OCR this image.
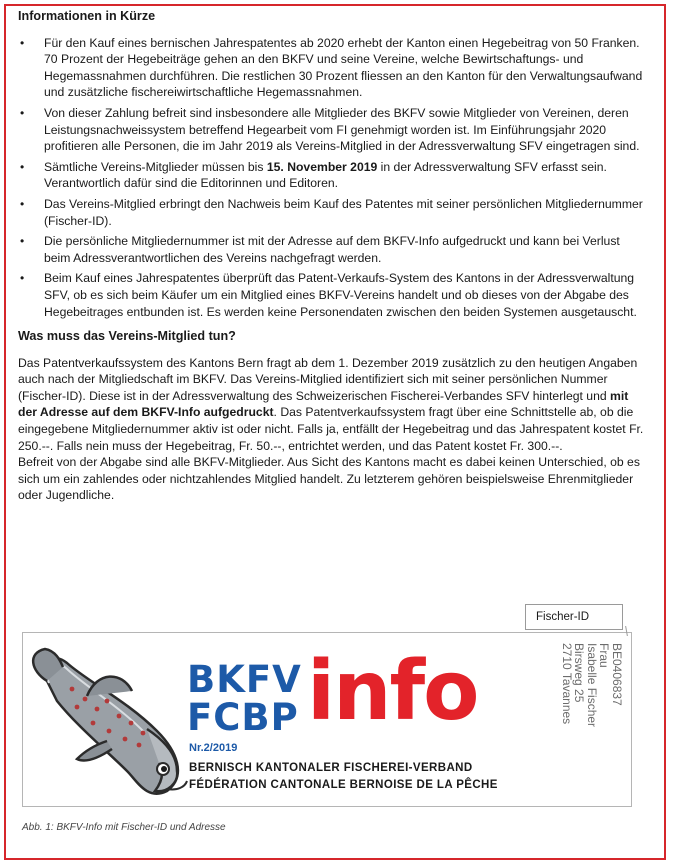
Informationen in Kürze
• Für den Kauf eines bernischen Jahrespatentes ab 2020 erhebt der Kanton einen Hegebeitrag von 50 Franken. 70 Prozent der Hegebeiträge gehen an den BKFV und seine Vereine, welche Bewirtschaftungs- und Hegemassnahmen durchführen. Die restlichen 30 Prozent fliessen an den Kanton für den Verwaltungsaufwand und zusätzliche fischereiwirtschaftliche Hegemassnahmen.
• Von dieser Zahlung befreit sind insbesondere alle Mitglieder des BKFV sowie Mitglieder von Vereinen, deren Leistungsnachweissystem betreffend Hegearbeit vom FI genehmigt worden ist. Im Einführungsjahr 2020 profitieren alle Personen, die im Jahr 2019 als Vereins-Mitglied in der Adressverwaltung SFV eingetragen sind.
• Sämtliche Vereins-Mitglieder müssen bis 15. November 2019 in der Adressverwaltung SFV erfasst sein. Verantwortlich dafür sind die Editorinnen und Editoren.
• Das Vereins-Mitglied erbringt den Nachweis beim Kauf des Patentes mit seiner persönlichen Mitgliedernummer (Fischer-ID).
• Die persönliche Mitgliedernummer ist mit der Adresse auf dem BKFV-Info aufgedruckt und kann bei Verlust beim Adressverantwortlichen des Vereins nachgefragt werden.
• Beim Kauf eines Jahrespatentes überprüft das Patent-Verkaufs-System des Kantons in der Adressverwaltung SFV, ob es sich beim Käufer um ein Mitglied eines BKFV-Vereins handelt und ob dieses von der Abgabe des Hegebeitrages entbunden ist. Es werden keine Personendaten zwischen den beiden Systemen ausgetauscht.
Was muss das Vereins-Mitglied tun?

Das Patentverkaufssystem des Kantons Bern fragt ab dem 1. Dezember 2019 zusätzlich zu den heutigen Angaben auch nach der Mitgliedschaft im BKFV. Das Vereins-Mitglied identifiziert sich mit seiner persönlichen Nummer (Fischer-ID). Diese ist in der Adressverwaltung des Schweizerischen Fischerei-Verbandes SFV hinterlegt und mit der Adresse auf dem BKFV-Info aufgedruckt. Das Patentverkaufssystem fragt über eine Schnittstelle ab, ob die eingegebene Mitgliedernummer aktiv ist oder nicht. Falls ja, entfällt der Hegebeitrag und das Jahrespatent kostet Fr. 250.--. Falls nein muss der Hegebeitrag, Fr. 50.--, entrichtet werden, und das Patent kostet Fr. 300.--.
Befreit von der Abgabe sind alle BKFV-Mitglieder. Aus Sicht des Kantons macht es dabei keinen Unterschied, ob es sich um ein zahlendes oder nichtzahlendes Mitglied handelt. Zu letzterem gehören beispielsweise Ehrenmitglieder oder Jugendliche.

BKFV
FCBP info
Nr.2/2019
BERNISCH KANTONALER FISCHEREI-VERBAND
FÉDÉRATION CANTONALE BERNOISE DE LA PÊCHE
BE0406837
Frau
Isabelle Fischer
Birsweg 25
2710 Tavannes
Fischer-ID
Abb. 1: BKFV-Info mit Fischer-ID und Adresse
